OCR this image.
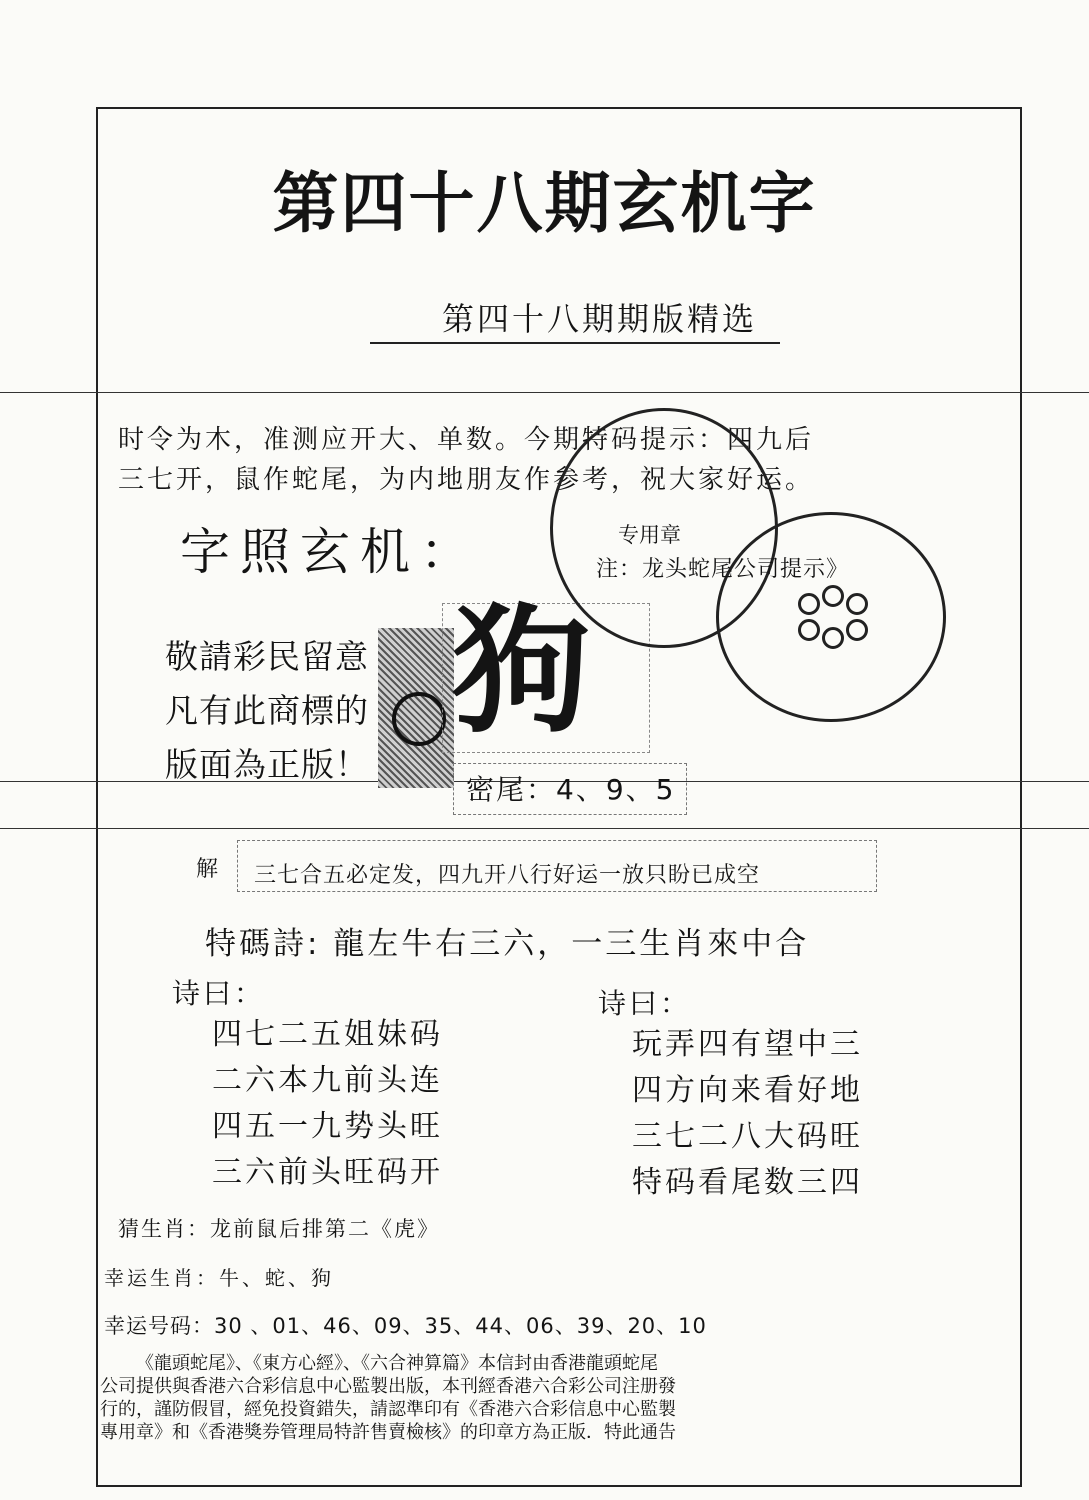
第四十八期玄机字
第四十八期期版精选
时令为木，准测应开大、单数。今期特码提示：四九后
三七开，鼠作蛇尾，为内地朋友作参考，祝大家好运。
字照玄机：
敬請彩民留意
凡有此商標的
版面為正版！
狗
密尾：4、9、5
专用章
注：龙头蛇尾公司提示》
解 三七合五必定发，四九开八行好运一放只盼已成空
特碼詩: 龍左牛右三六，一三生肖來中合
诗曰：	诗曰：
四七二五姐妹码
二六本九前头连
四五一九势头旺
三六前头旺码开
玩弄四有望中三
四方向来看好地
三七二八大码旺
特码看尾数三四
猜生肖：龙前鼠后排第二《虎》
幸运生肖：牛、蛇、狗
幸运号码：30 、01、46、09、35、44、06、39、20、10
《龍頭蛇尾》、《東方心經》、《六合神算篇》本信封由香港龍頭蛇尾
公司提供與香港六合彩信息中心監製出版，本刊經香港六合彩公司注册發
行的，謹防假冒，經免投資錯失，請認準印有《香港六合彩信息中心監製
專用章》和《香港獎券管理局特許售賣檢核》的印章方為正版．特此通告
